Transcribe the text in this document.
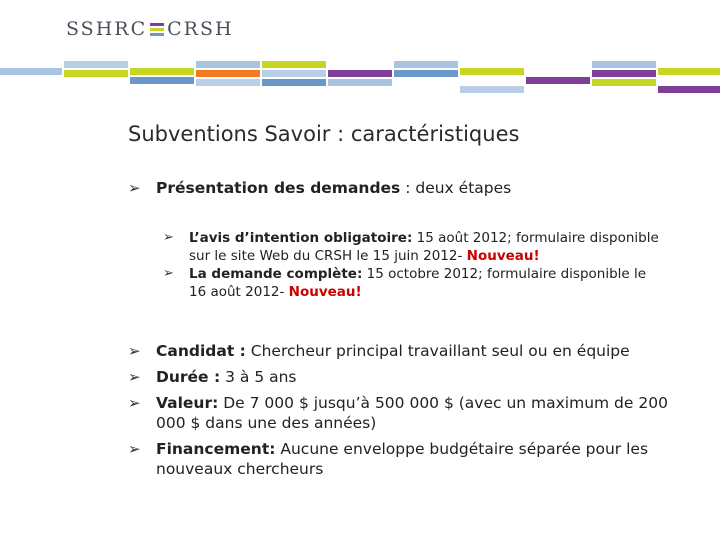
SSHRC CRSH
Subventions Savoir : caractéristiques
➢ Présentation des demandes : deux étapes
➢ L’avis d’intention obligatoire: 15 août 2012; formulaire disponible sur le site Web du CRSH le 15 juin 2012- Nouveau!
➢ La demande complète: 15 octobre 2012; formulaire disponible le 16 août 2012- Nouveau!
➢ Candidat : Chercheur principal travaillant seul ou en équipe
➢ Durée : 3 à 5 ans
➢ Valeur: De 7 000 $ jusqu’à 500 000 $ (avec un maximum de 200 000 $ dans une des années)
➢ Financement: Aucune enveloppe budgétaire séparée pour les nouveaux chercheurs
